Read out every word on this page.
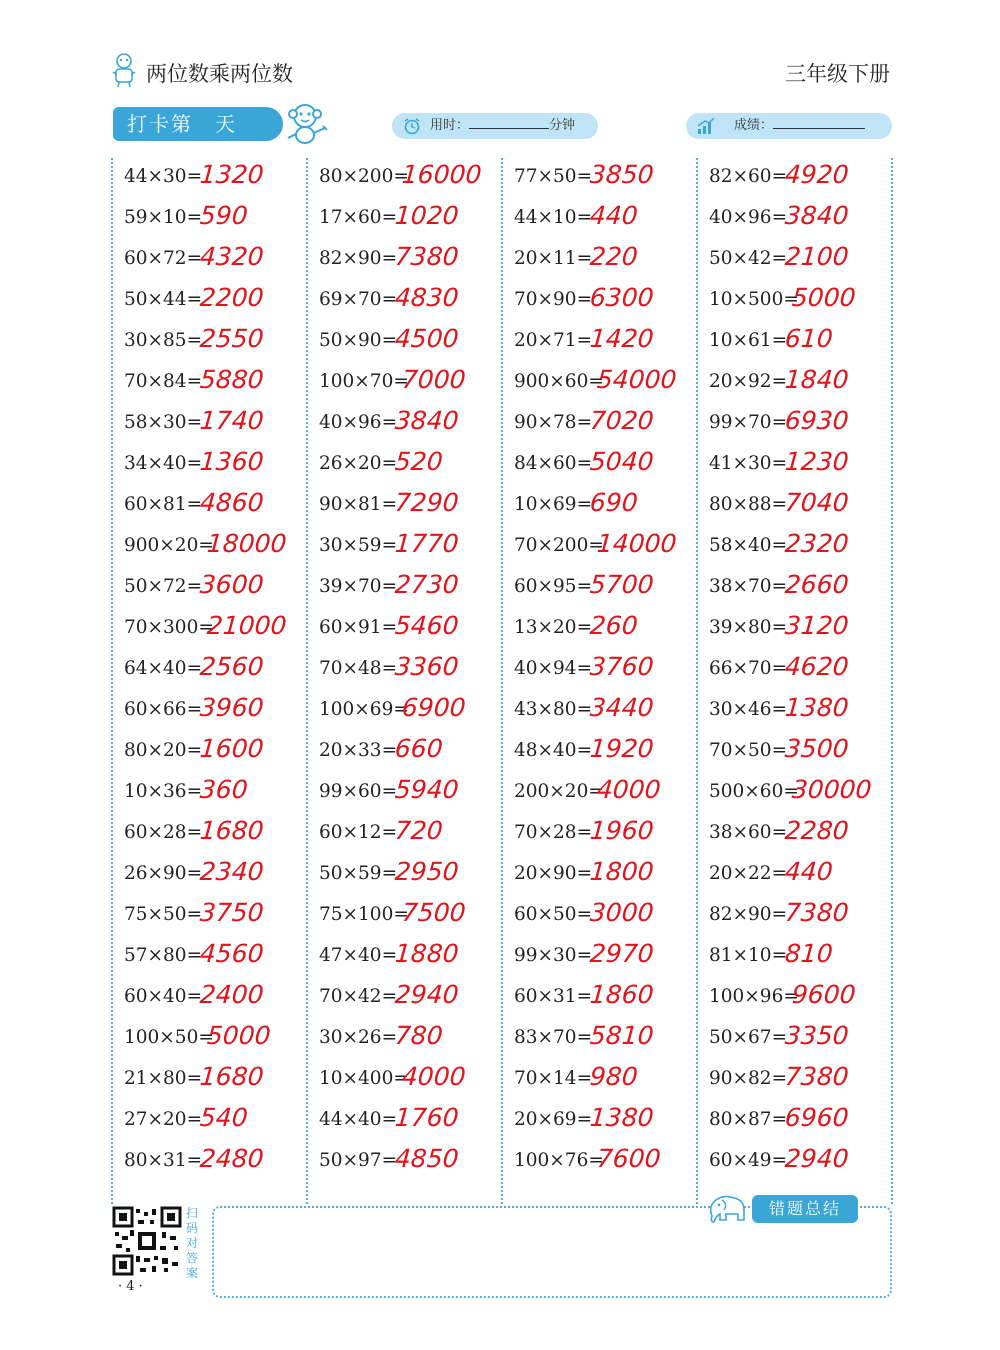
两位数乘两位数	三年级下册
打卡第　天	用时：	分钟	成绩：
44×30=
1320
59×10=
590
60×72=
4320
50×44=
2200
30×85=
2550
70×84=
5880
58×30=
1740
34×40=
1360
60×81=
4860
900×20=
18000
50×72=
3600
70×300=
21000
64×40=
2560
60×66=
3960
80×20=
1600
10×36=
360
60×28=
1680
26×90=
2340
75×50=
3750
57×80=
4560
60×40=
2400
100×50=
5000
21×80=
1680
27×20=
540
80×31=
2480
80×200=
16000
17×60=
1020
82×90=
7380
69×70=
4830
50×90=
4500
100×70=
7000
40×96=
3840
26×20=
520
90×81=
7290
30×59=
1770
39×70=
2730
60×91=
5460
70×48=
3360
100×69=
6900
20×33=
660
99×60=
5940
60×12=
720
50×59=
2950
75×100=
7500
47×40=
1880
70×42=
2940
30×26=
780
10×400=
4000
44×40=
1760
50×97=
4850
77×50=
3850
44×10=
440
20×11=
220
70×90=
6300
20×71=
1420
900×60=
54000
90×78=
7020
84×60=
5040
10×69=
690
70×200=
14000
60×95=
5700
13×20=
260
40×94=
3760
43×80=
3440
48×40=
1920
200×20=
4000
70×28=
1960
20×90=
1800
60×50=
3000
99×30=
2970
60×31=
1860
83×70=
5810
70×14=
980
20×69=
1380
100×76=
7600
82×60=
4920
40×96=
3840
50×42=
2100
10×500=
5000
10×61=
610
20×92=
1840
99×70=
6930
41×30=
1230
80×88=
7040
58×40=
2320
38×70=
2660
39×80=
3120
66×70=
4620
30×46=
1380
70×50=
3500
500×60=
30000
38×60=
2280
20×22=
440
82×90=
7380
81×10=
810
100×96=
9600
50×67=
3350
90×82=
7380
80×87=
6960
60×49=
2940
扫码对答案
· 4 ·
错题总结
